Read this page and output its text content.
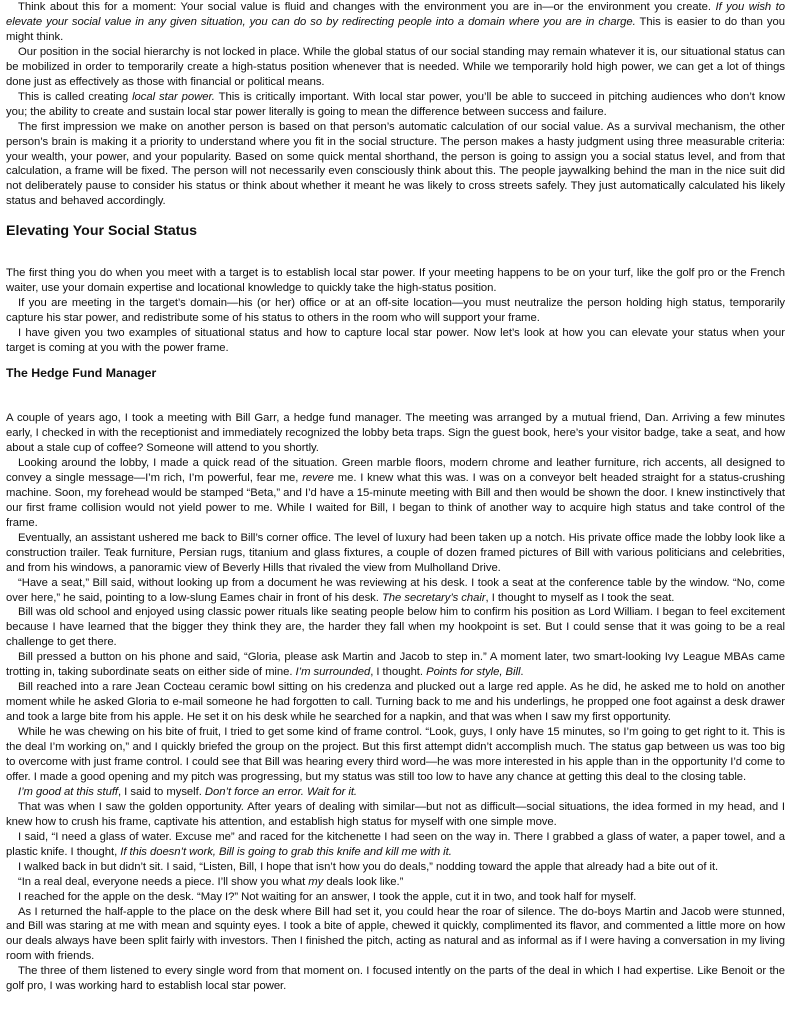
Think about this for a moment: Your social value is fluid and changes with the environment you are in—or the environment you create. If you wish to elevate your social value in any given situation, you can do so by redirecting people into a domain where you are in charge. This is easier to do than you might think.

Our position in the social hierarchy is not locked in place. While the global status of our social standing may remain whatever it is, our situational status can be mobilized in order to temporarily create a high-status position whenever that is needed. While we temporarily hold high power, we can get a lot of things done just as effectively as those with financial or political means.

This is called creating local star power. This is critically important. With local star power, you’ll be able to succeed in pitching audiences who don’t know you; the ability to create and sustain local star power literally is going to mean the difference between success and failure.

The first impression we make on another person is based on that person’s automatic calculation of our social value. As a survival mechanism, the other person’s brain is making it a priority to understand where you fit in the social structure. The person makes a hasty judgment using three measurable criteria: your wealth, your power, and your popularity. Based on some quick mental shorthand, the person is going to assign you a social status level, and from that calculation, a frame will be fixed. The person will not necessarily even consciously think about this. The people jaywalking behind the man in the nice suit did not deliberately pause to consider his status or think about whether it meant he was likely to cross streets safely. They just automatically calculated his likely status and behaved accordingly.

Elevating Your Social Status

The first thing you do when you meet with a target is to establish local star power. If your meeting happens to be on your turf, like the golf pro or the French waiter, use your domain expertise and locational knowledge to quickly take the high-status position.

If you are meeting in the target’s domain—his (or her) office or at an off-site location—you must neutralize the person holding high status, temporarily capture his star power, and redistribute some of his status to others in the room who will support your frame.

I have given you two examples of situational status and how to capture local star power. Now let’s look at how you can elevate your status when your target is coming at you with the power frame.

The Hedge Fund Manager

A couple of years ago, I took a meeting with Bill Garr, a hedge fund manager. The meeting was arranged by a mutual friend, Dan. Arriving a few minutes early, I checked in with the receptionist and immediately recognized the lobby beta traps. Sign the guest book, here’s your visitor badge, take a seat, and how about a stale cup of coffee? Someone will attend to you shortly.

Looking around the lobby, I made a quick read of the situation. Green marble floors, modern chrome and leather furniture, rich accents, all designed to convey a single message—I’m rich, I’m powerful, fear me, revere me. I knew what this was. I was on a conveyor belt headed straight for a status-crushing machine. Soon, my forehead would be stamped “Beta,” and I’d have a 15-minute meeting with Bill and then would be shown the door. I knew instinctively that our first frame collision would not yield power to me. While I waited for Bill, I began to think of another way to acquire high status and take control of the frame.

Eventually, an assistant ushered me back to Bill’s corner office. The level of luxury had been taken up a notch. His private office made the lobby look like a construction trailer. Teak furniture, Persian rugs, titanium and glass fixtures, a couple of dozen framed pictures of Bill with various politicians and celebrities, and from his windows, a panoramic view of Beverly Hills that rivaled the view from Mulholland Drive.

“Have a seat,” Bill said, without looking up from a document he was reviewing at his desk. I took a seat at the conference table by the window. “No, come over here,” he said, pointing to a low-slung Eames chair in front of his desk. The secretary’s chair, I thought to myself as I took the seat.

Bill was old school and enjoyed using classic power rituals like seating people below him to confirm his position as Lord William. I began to feel excitement because I have learned that the bigger they think they are, the harder they fall when my hookpoint is set. But I could sense that it was going to be a real challenge to get there.

Bill pressed a button on his phone and said, “Gloria, please ask Martin and Jacob to step in.” A moment later, two smart-looking Ivy League MBAs came trotting in, taking subordinate seats on either side of mine. I’m surrounded, I thought. Points for style, Bill.

Bill reached into a rare Jean Cocteau ceramic bowl sitting on his credenza and plucked out a large red apple. As he did, he asked me to hold on another moment while he asked Gloria to e-mail someone he had forgotten to call. Turning back to me and his underlings, he propped one foot against a desk drawer and took a large bite from his apple. He set it on his desk while he searched for a napkin, and that was when I saw my first opportunity.

While he was chewing on his bite of fruit, I tried to get some kind of frame control. “Look, guys, I only have 15 minutes, so I’m going to get right to it. This is the deal I’m working on,” and I quickly briefed the group on the project. But this first attempt didn’t accomplish much. The status gap between us was too big to overcome with just frame control. I could see that Bill was hearing every third word—he was more interested in his apple than in the opportunity I’d come to offer. I made a good opening and my pitch was progressing, but my status was still too low to have any chance at getting this deal to the closing table.

I’m good at this stuff, I said to myself. Don’t force an error. Wait for it.

That was when I saw the golden opportunity. After years of dealing with similar—but not as difficult—social situations, the idea formed in my head, and I knew how to crush his frame, captivate his attention, and establish high status for myself with one simple move.

I said, “I need a glass of water. Excuse me” and raced for the kitchenette I had seen on the way in. There I grabbed a glass of water, a paper towel, and a plastic knife. I thought, If this doesn’t work, Bill is going to grab this knife and kill me with it.

I walked back in but didn’t sit. I said, “Listen, Bill, I hope that isn’t how you do deals,” nodding toward the apple that already had a bite out of it.

“In a real deal, everyone needs a piece. I’ll show you what my deals look like.”

I reached for the apple on the desk. “May I?” Not waiting for an answer, I took the apple, cut it in two, and took half for myself.

As I returned the half-apple to the place on the desk where Bill had set it, you could hear the roar of silence. The do-boys Martin and Jacob were stunned, and Bill was staring at me with mean and squinty eyes. I took a bite of apple, chewed it quickly, complimented its flavor, and commented a little more on how our deals always have been split fairly with investors. Then I finished the pitch, acting as natural and as informal as if I were having a conversation in my living room with friends.

The three of them listened to every single word from that moment on. I focused intently on the parts of the deal in which I had expertise. Like Benoit or the golf pro, I was working hard to establish local star power.
